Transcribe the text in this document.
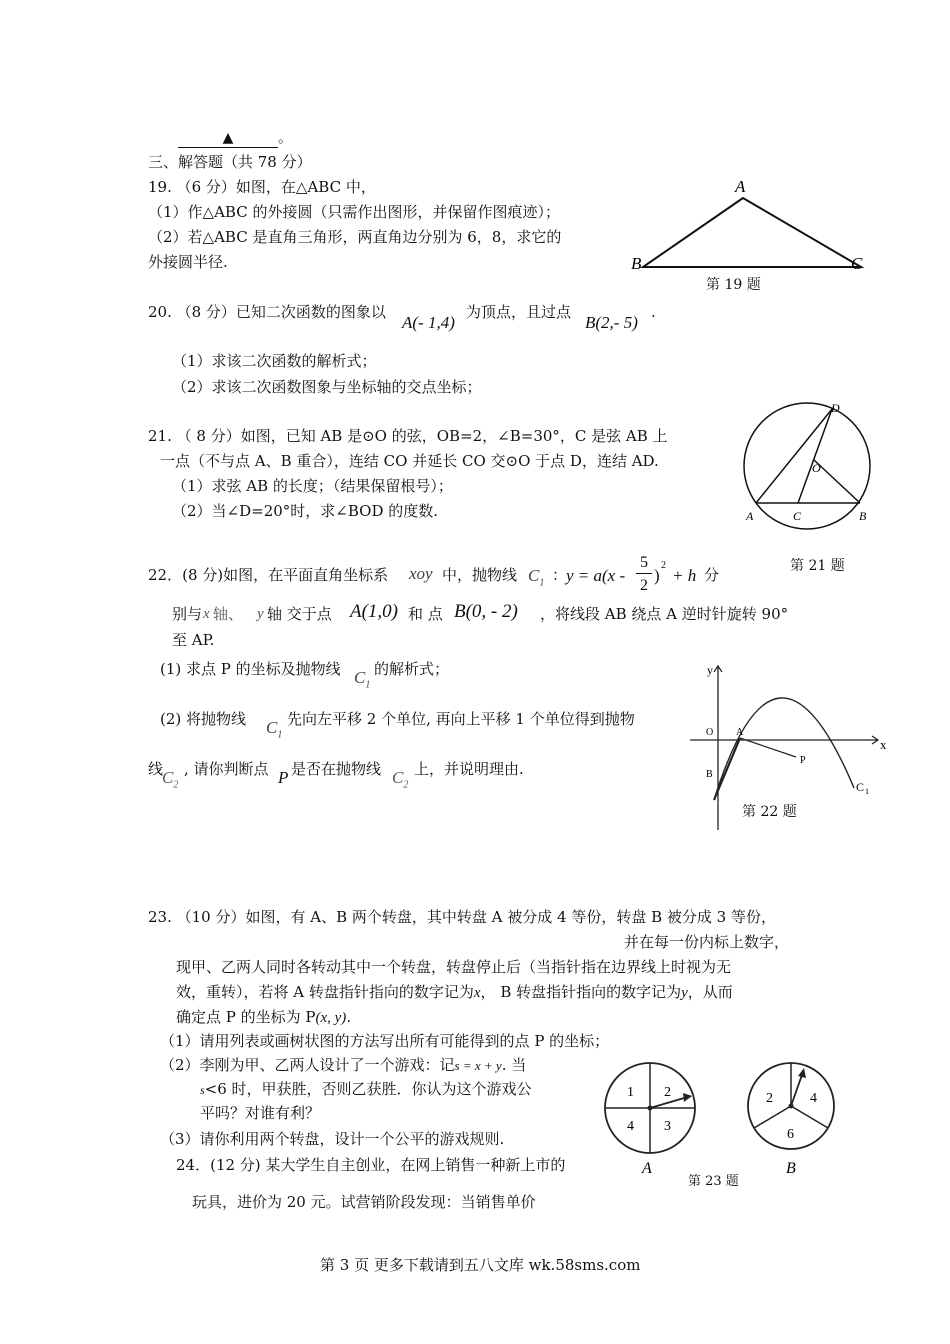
▲	。
三、解答题（共 78 分）
19. （6 分）如图，在△ABC 中，
（1）作△ABC 的外接圆（只需作出图形，并保留作图痕迹）；
（2）若△ABC 是直角三角形，两直角边分别为 6，8，求它的
外接圆半径.
A
B	C
第 19 题
20. （8 分）已知二次函数的图象以
A(- 1,4)
为顶点，且过点
B(2,- 5)
.
（1）求该二次函数的解析式；
（2）求该二次函数图象与坐标轴的交点坐标；
21. （ 8 分）如图，已知 AB 是⊙O 的弦，OB=2，∠B=30°，C 是弦 AB 上
一点（不与点 A、B 重合），连结 CO 并延长 CO 交⊙O 于点 D，连结 AD.
（1）求弦 AB 的长度；（结果保留根号）；
（2）当∠D=20°时，求∠BOD 的度数.
D
O
A	C	B
第 21 题
22．(8 分)如图，在平面直角坐标系 xoy 中，抛物线 $C_1$ ：
y = a(x -
5
2
)
2
+ h 分
别与 x 轴、 y 轴 交于点 A(1,0) 和 点 B(0, - 2) ，将线段 AB 绕点 A 逆时针旋转 90°
至 AP.
(1) 求点 P 的坐标及抛物线 $C_1$
的解析式；
(2) 将抛物线 $C_1$
先向左平移 2 个单位, 再向上平移 1 个单位得到抛物
线
$C_2$
, 请你判断点 P 是否在抛物线 $C_2$
上，并说明理由.
y
x
O A
B
P
C 1
第 22 题
23. （10 分）如图，有 A、B 两个转盘，其中转盘 A 被分成 4 等份，转盘 B 被分成 3 等份，
并在每一份内标上数字，
现甲、乙两人同时各转动其中一个转盘，转盘停止后（当指针指在边界线上时视为无
效，重转），若将 A 转盘指针指向的数字记为x， B 转盘指针指向的数字记为y，从而
确定点 P 的坐标为 P(x, y).
（1）请用列表或画树状图的方法写出所有可能得到的点 P 的坐标；
（2）李刚为甲、乙两人设计了一个游戏：记s = x + y. 当
s<6 时，甲获胜，否则乙获胜．你认为这个游戏公
平吗？对谁有利？
（3）请你利用两个转盘，设计一个公平的游戏规则.
1 2
4 3
A
2	4
6
B
第 23 题
24．(12 分) 某大学生自主创业，在网上销售一种新上市的
玩具，进价为 20 元。试营销阶段发现：当销售单价
第 3 页 更多下载请到五八文库 wk.58sms.com
